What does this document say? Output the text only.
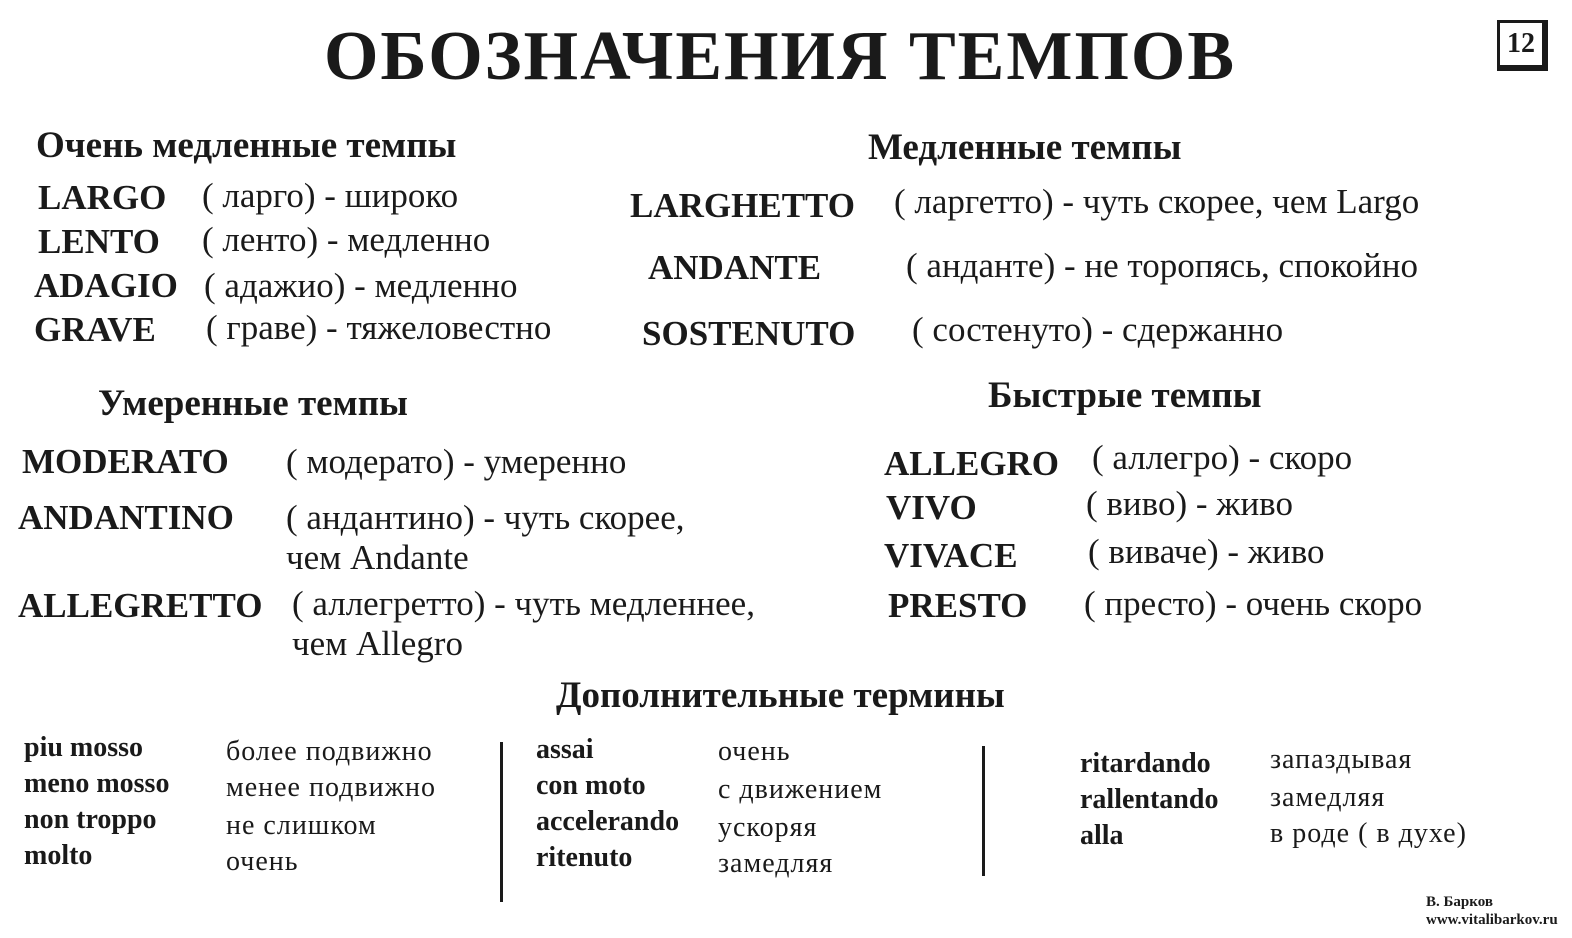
ОБОЗНАЧЕНИЯ ТЕМПОВ	12
Очень медленные темпы
LARGO ( ларго) - широко
LENTO ( ленто) - медленно
ADAGIO ( адажио) - медленно
GRAVE ( граве) - тяжеловестно
Медленные темпы
LARGHETTO ( ларгетто) - чуть скорее, чем Largo
ANDANTE ( анданте) - не торопясь, спокойно
SOSTENUTO ( состенуто) - сдержанно
Умеренные темпы
MODERATO ( модерато) - умеренно
ANDANTINO ( андантино) - чуть скорее,
чем Andante
ALLEGRETTO ( аллегретто) - чуть медленнее,
чем Allegro
Быстрые темпы
ALLEGRO ( аллегро) - скоро
VIVO	( виво) - живо
VIVACE ( виваче) - живо
PRESTO ( престо) - очень скоро
Дополнительные термины
piu mosso	более подвижно
meno mosso менее подвижно
non troppo не слишком
molto	очень
assai	очень
con moto	с движением
accelerando ускоряя
ritenuto	замедляя
ritardando запаздывая
rallentando замедляя
alla	в роде ( в духе)
В. Барков
www.vitalibarkov.ru
